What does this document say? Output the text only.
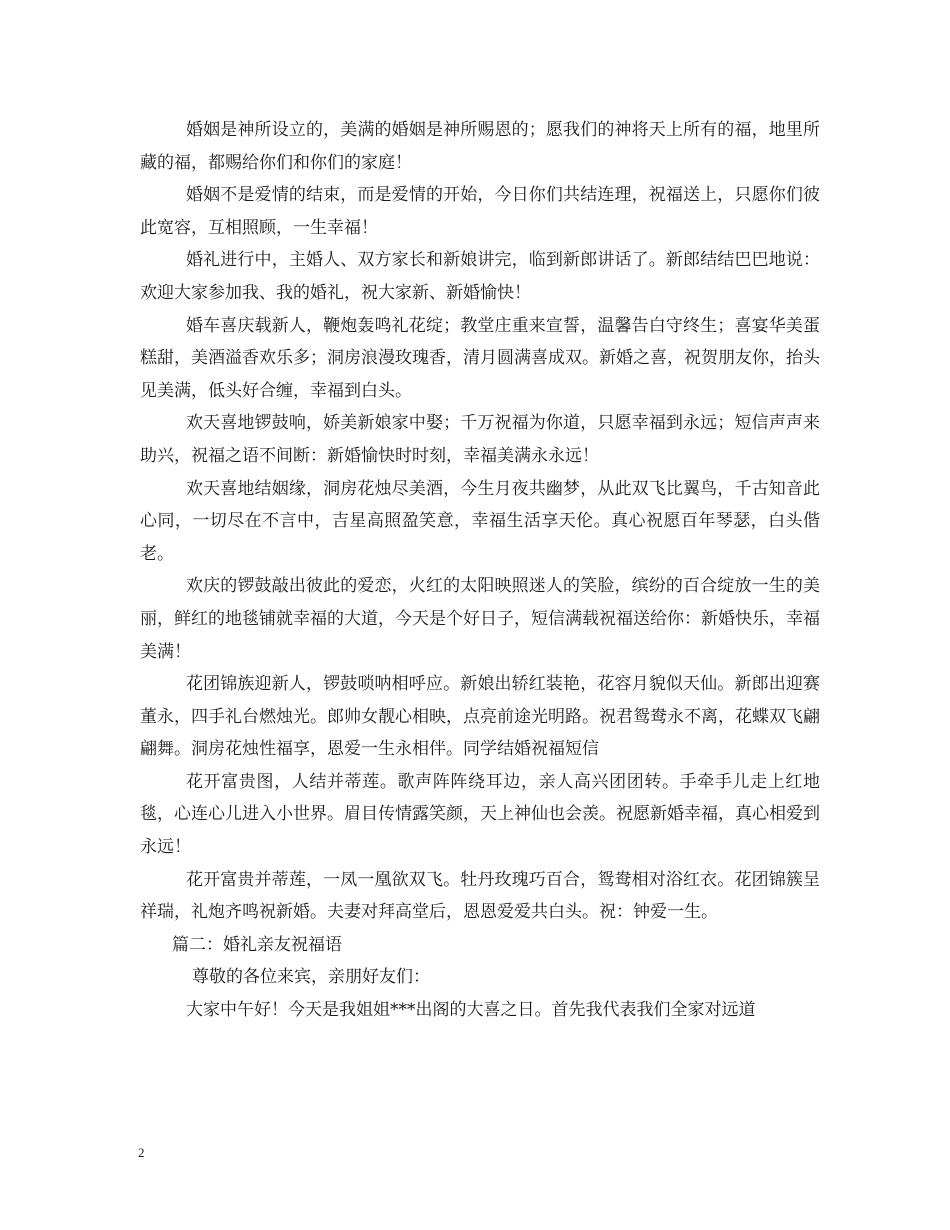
婚姻是神所设立的，美满的婚姻是神所赐恩的；愿我们的神将天上所有的福，地里所藏的福，都赐给你们和你们的家庭！

婚姻不是爱情的结束，而是爱情的开始，今日你们共结连理，祝福送上，只愿你们彼此宽容，互相照顾，一生幸福！

婚礼进行中，主婚人、双方家长和新娘讲完，临到新郎讲话了。新郎结结巴巴地说：欢迎大家参加我、我的婚礼，祝大家新、新婚愉快！

婚车喜庆载新人，鞭炮轰鸣礼花绽；教堂庄重来宣誓，温馨告白守终生；喜宴华美蛋糕甜，美酒溢香欢乐多；洞房浪漫玫瑰香，清月圆满喜成双。新婚之喜，祝贺朋友你，抬头见美满，低头好合缠，幸福到白头。

欢天喜地锣鼓响，娇美新娘家中娶；千万祝福为你道，只愿幸福到永远；短信声声来助兴，祝福之语不间断：新婚愉快时时刻，幸福美满永永远！

欢天喜地结姻缘，洞房花烛尽美酒，今生月夜共幽梦，从此双飞比翼鸟，千古知音此心同，一切尽在不言中，吉星高照盈笑意，幸福生活享天伦。真心祝愿百年琴瑟，白头偕老。

欢庆的锣鼓敲出彼此的爱恋，火红的太阳映照迷人的笑脸，缤纷的百合绽放一生的美丽，鲜红的地毯铺就幸福的大道，今天是个好日子，短信满载祝福送给你：新婚快乐，幸福美满！

花团锦族迎新人，锣鼓唢呐相呼应。新娘出轿红装艳，花容月貌似天仙。新郎出迎赛董永，四手礼台燃烛光。郎帅女靓心相映，点亮前途光明路。祝君鸳鸯永不离，花蝶双飞翩翩舞。洞房花烛性福享，恩爱一生永相伴。同学结婚祝福短信

花开富贵图，人结并蒂莲。歌声阵阵绕耳边，亲人高兴团团转。手牵手儿走上红地毯，心连心儿进入小世界。眉目传情露笑颜，天上神仙也会羡。祝愿新婚幸福，真心相爱到永远！

花开富贵并蒂莲，一凤一凰欲双飞。牡丹玫瑰巧百合，鸳鸯相对浴红衣。花团锦簇呈祥瑞，礼炮齐鸣祝新婚。夫妻对拜高堂后，恩恩爱爱共白头。祝：钟爱一生。

篇二：婚礼亲友祝福语

尊敬的各位来宾，亲朋好友们：

大家中午好！今天是我姐姐***出阁的大喜之日。首先我代表我们全家对远道

2
